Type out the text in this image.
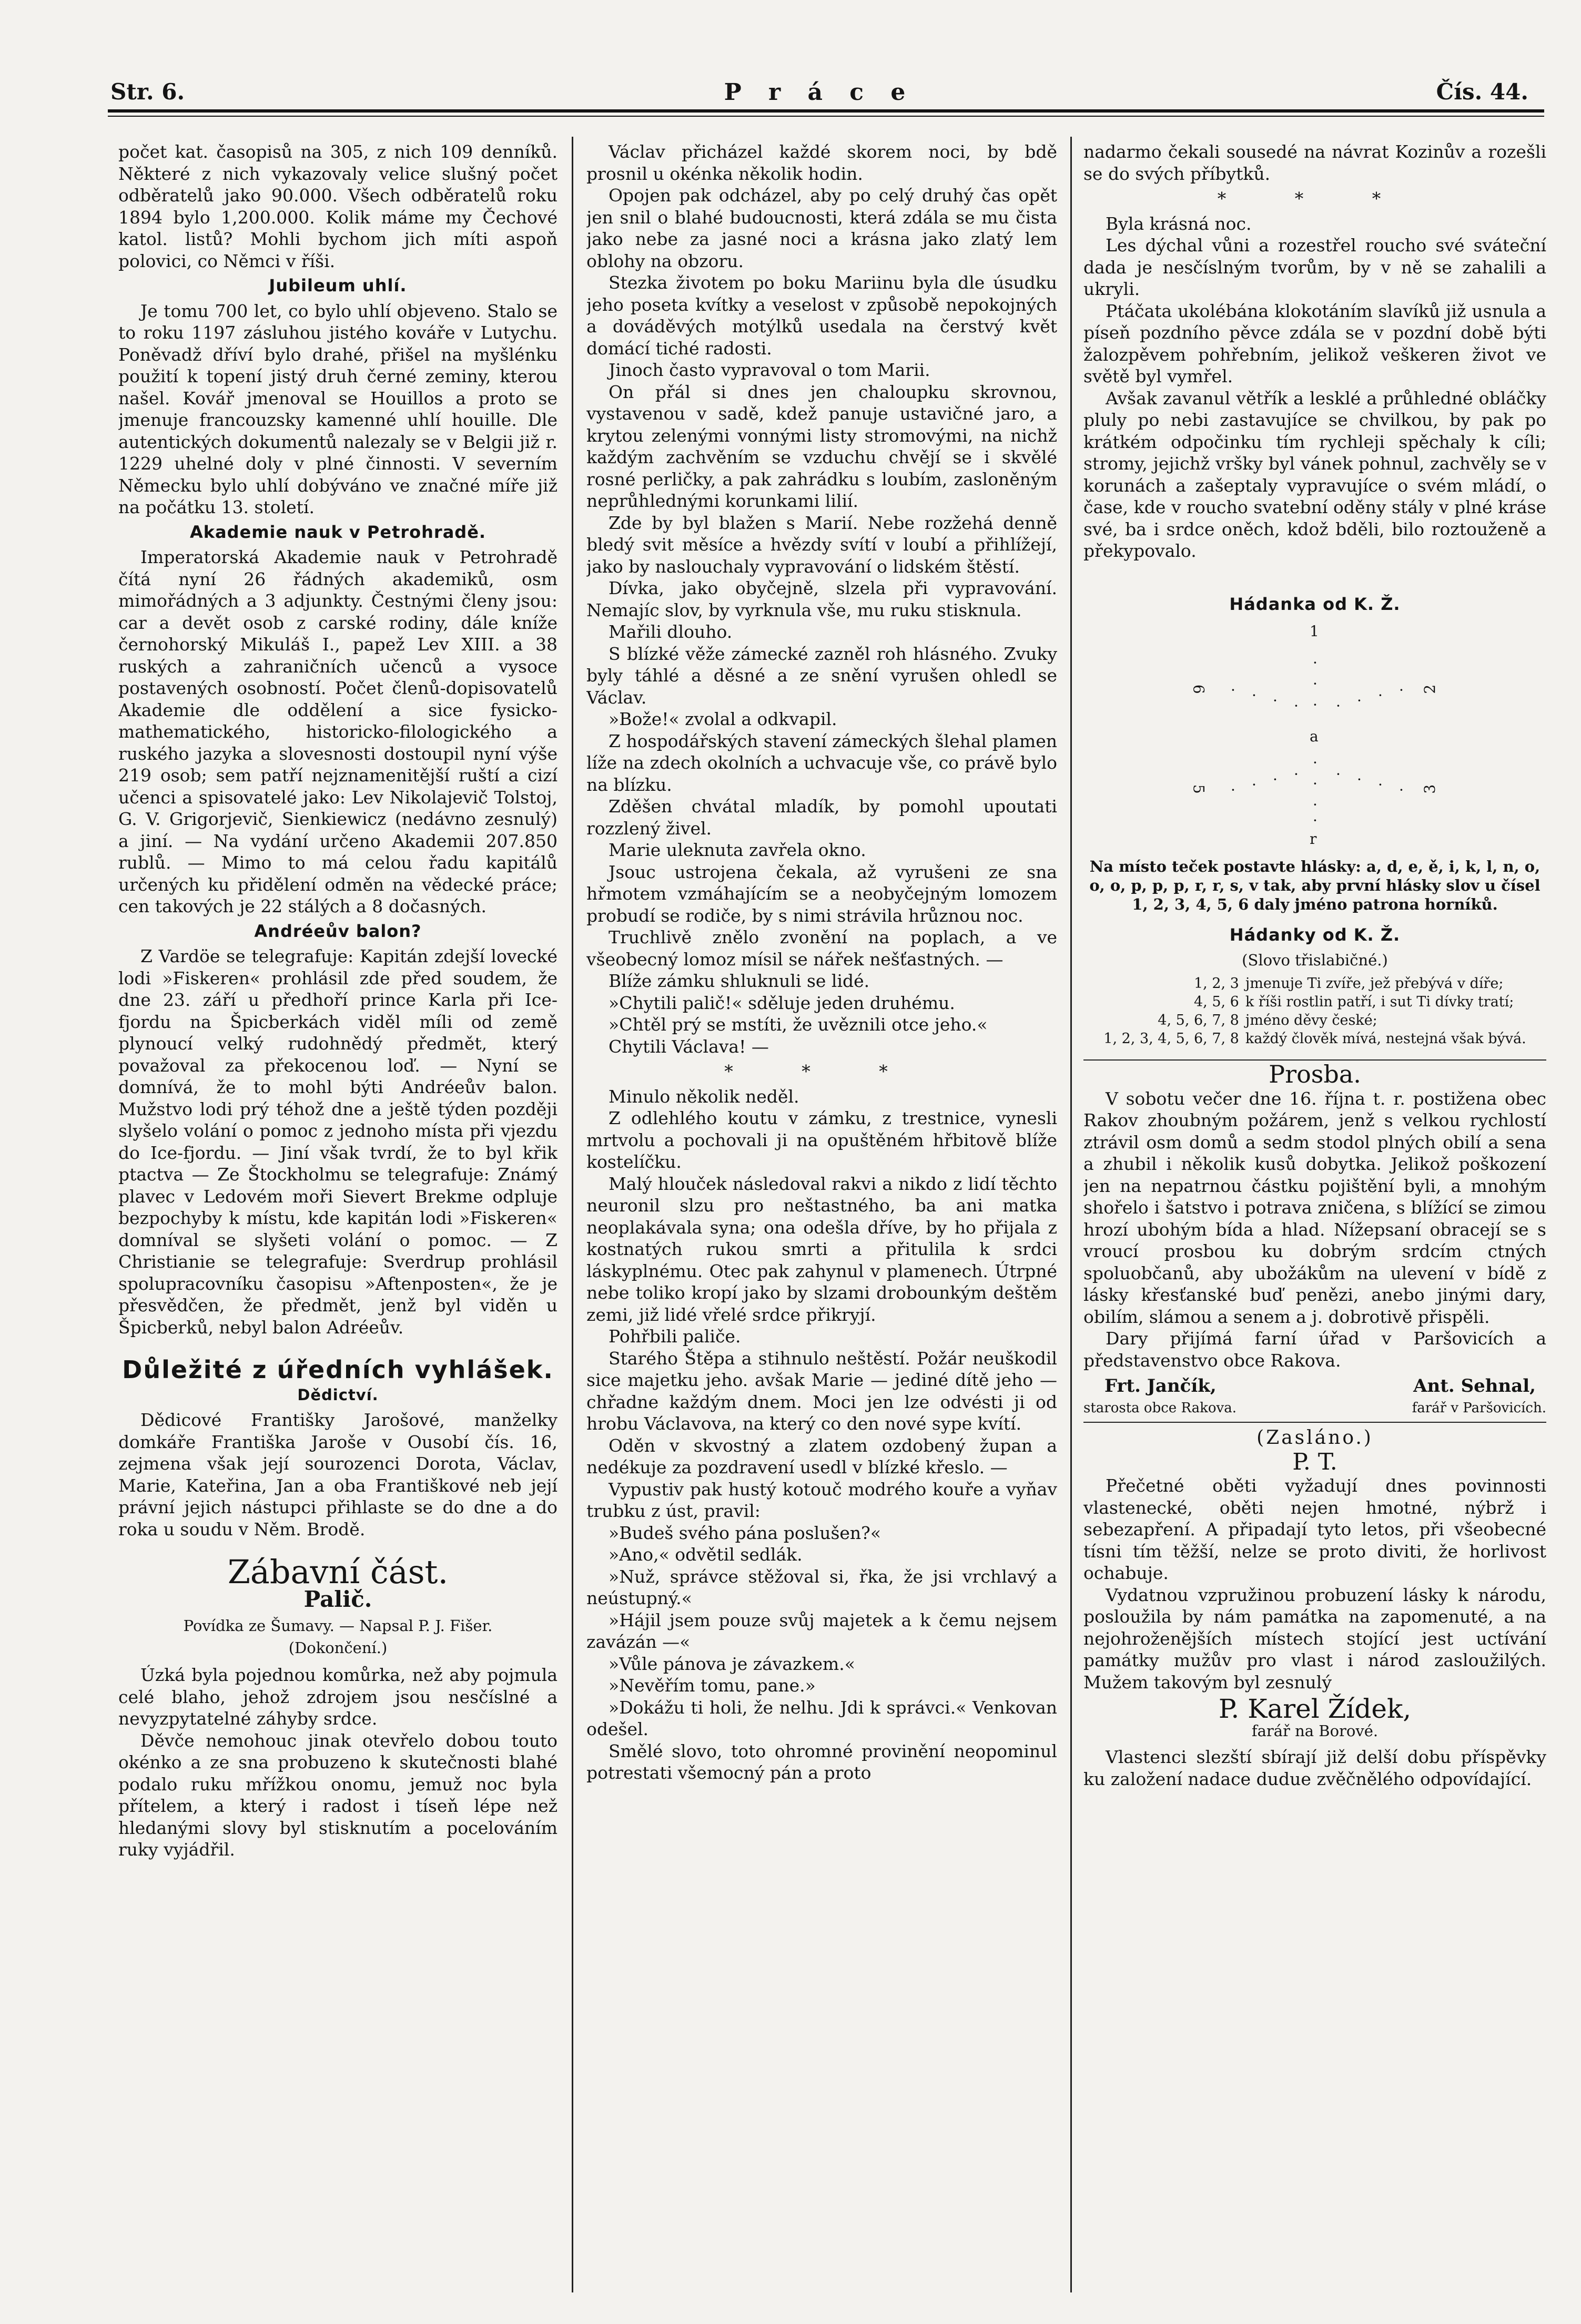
Str. 6.	P r á c e	Čís. 44.

počet kat. časopisů na 305, z nich 109 denníků. Některé z nich vykazovaly velice slušný počet odběratelů jako 90.000. Všech odběratelů roku 1894 bylo 1,200.000. Kolik máme my Čechové katol. listů? Mohli bychom jich míti aspoň polovici, co Němci v říši.

Jubileum uhlí.

Je tomu 700 let, co bylo uhlí objeveno. Stalo se to roku 1197 zásluhou jistého kováře v Lutychu. Poněvadž dříví bylo drahé, přišel na myšlénku použití k topení jistý druh černé zeminy, kterou našel. Kovář jmenoval se Houillos a proto se jmenuje francouzsky kamenné uhlí houille. Dle autentických dokumentů nalezaly se v Belgii již r. 1229 uhelné doly v plné činnosti. V severním Německu bylo uhlí dobýváno ve značné míře již na počátku 13. století.

Akademie nauk v Petrohradě.

Imperatorská Akademie nauk v Petrohradě čítá nyní 26 řádných akademiků, osm mimořádných a 3 adjunkty. Čestnými členy jsou: car a devět osob z carské rodiny, dále kníže černohorský Mikuláš I., papež Lev XIII. a 38 ruských a zahraničních učenců a vysoce postavených osobností. Počet členů-dopisovatelů Akademie dle oddělení a sice fysicko-mathematického, historicko-filologického a ruského jazyka a slovesnosti dostoupil nyní výše 219 osob; sem patří nejznamenitější ruští a cizí učenci a spisovatelé jako: Lev Nikolajevič Tolstoj, G. V. Grigorjevič, Sienkiewicz (nedávno zesnulý) a jiní. — Na vydání určeno Akademii 207.850 rublů. — Mimo to má celou řadu kapitálů určených ku přidělení odměn na vědecké práce; cen takových je 22 stálých a 8 dočasných.

Andréeův balon?

Z Vardöe se telegrafuje: Kapitán zdejší lovecké lodi »Fiskeren« prohlásil zde před soudem, že dne 23. září u předhoří prince Karla při Ice-fjordu na Špicberkách viděl míli od země plynoucí velký rudohnědý předmět, který považoval za překocenou loď. — Nyní se domnívá, že to mohl býti Andréeův balon. Mužstvo lodi prý téhož dne a ještě týden později slyšelo volání o pomoc z jednoho místa při vjezdu do Ice-fjordu. — Jiní však tvrdí, že to byl křik ptactva — Ze Štockholmu se telegrafuje: Známý plavec v Ledovém moři Sievert Brekme odpluje bezpochyby k místu, kde kapitán lodi »Fiskeren« domníval se slyšeti volání o pomoc. — Z Christianie se telegrafuje: Sverdrup prohlásil spolupracovníku časopisu »Aftenposten«, že je přesvědčen, že předmět, jenž byl viděn u Špicberků, nebyl balon Adréeův.

Důležité z úředních vyhlášek.
Dědictví.

Dědicové Františky Jarošové, manželky domkáře Františka Jaroše v Ousobí čís. 16, zejmena však její sourozenci Dorota, Václav, Marie, Kateřina, Jan a oba Františkové neb její právní jejich nástupci přihlaste se do dne a do roka u soudu v Něm. Brodě.

Zábavní část.
Palič.
Povídka ze Šumavy. — Napsal P. J. Fišer.
(Dokončení.)

Úzká byla pojednou komůrka, než aby pojmula celé blaho, jehož zdrojem jsou nesčíslné a nevyzpytatelné záhyby srdce.

Děvče nemohouc jinak otevřelo dobou touto okénko a ze sna probuzeno k skutečnosti blahé podalo ruku mřížkou onomu, jemuž noc byla přítelem, a který i radost i tíseň lépe než hledanými slovy byl stisknutím a pocelováním ruky vyjádřil.

Václav přicházel každé skorem noci, by bdě prosnil u okénka několik hodin.

Opojen pak odcházel, aby po celý druhý čas opět jen snil o blahé budoucnosti, která zdála se mu čista jako nebe za jasné noci a krásna jako zlatý lem oblohy na obzoru.

Stezka životem po boku Mariinu byla dle úsudku jeho poseta kvítky a veselost v způsobě nepokojných a dováděvých motýlků usedala na čerstvý květ domácí tiché radosti.

Jinoch často vypravoval o tom Marii.

On přál si dnes jen chaloupku skrovnou, vystavenou v sadě, kdež panuje ustavičné jaro, a krytou zelenými vonnými listy stromovými, na nichž každým zachvěním se vzduchu chvějí se i skvělé rosné perličky, a pak zahrádku s loubím, zasloněným neprůhlednými korunkami lilií.

Zde by byl blažen s Marií. Nebe rozžehá denně bledý svit měsíce a hvězdy svítí v loubí a přihlížejí, jako by naslouchaly vypravování o lidském štěstí.

Dívka, jako obyčejně, slzela při vypravování. Nemajíc slov, by vyrknula vše, mu ruku stisknula.

Mařili dlouho.

S blízké věže zámecké zazněl roh hlásného. Zvuky byly táhlé a děsné a ze snění vyrušen ohledl se Václav.

»Bože!« zvolal a odkvapil.

Z hospodářských stavení zámeckých šlehal plamen líže na zdech okolních a uchvacuje vše, co právě bylo na blízku.

Zděšen chvátal mladík, by pomohl upoutati rozzlený živel.

Marie uleknuta zavřela okno.

Jsouc ustrojena čekala, až vyrušeni ze sna hřmotem vzmáhajícím se a neobyčejným lomozem probudí se rodiče, by s nimi strávila hrůznou noc.

Truchlivě znělo zvonění na poplach, a ve všeobecný lomoz mísil se nářek nešťastných. —

Blíže zámku shluknuli se lidé.

»Chytili palič!« sděluje jeden druhému.

»Chtěl prý se mstíti, že uvěznili otce jeho.«

Chytili Václava! —

* * *

Minulo několik neděl.

Z odlehlého koutu v zámku, z trestnice, vynesli mrtvolu a pochovali ji na opuštěném hřbitově blíže kostelíčku.

Malý hlouček následoval rakvi a nikdo z lidí těchto neuronil slzu pro neštastného, ba ani matka neoplakávala syna; ona odešla dříve, by ho přijala z kostnatých rukou smrti a přitulila k srdci láskyplnému. Otec pak zahynul v plamenech. Útrpné nebe toliko kropí jako by slzami drobounkým deštěm zemi, již lidé vřelé srdce přikryjí.

Pohřbili paliče.

Starého Štěpa a stihnulo neštěstí. Požár neuškodil sice majetku jeho. avšak Marie — jediné dítě jeho — chřadne každým dnem. Moci jen lze odvésti ji od hrobu Václavova, na který co den nové sype kvítí.

Oděn v skvostný a zlatem ozdobený župan a nedékuje za pozdravení usedl v blízké křeslo. —

Vypustiv pak hustý kotouč modrého kouře a vyňav trubku z úst, pravil:

»Budeš svého pána poslušen?«

»Ano,« odvětil sedlák.

»Nuž, správce stěžoval si, řka, že jsi vrchlavý a neústupný.«

»Hájil jsem pouze svůj majetek a k čemu nejsem zavázán —«

»Vůle pánova je závazkem.«

»Nevěřím tomu, pane.»

»Dokážu ti holi, že nelhu. Jdi k správci.« Venkovan odešel.

Smělé slovo, toto ohromné provinění neopominul potrestati všemocný pán a proto

nadarmo čekali sousedé na návrat Kozinův a rozešli se do svých příbytků.

* * *

Byla krásná noc.

Les dýchal vůni a rozestřel roucho své sváteční dada je nesčíslným tvorům, by v ně se zahalili a ukryli.

Ptáčata ukolébána klokotáním slavíků již usnula a píseň pozdního pěvce zdála se v pozdní době býti žalozpěvem pohřebním, jelikož veškeren život ve světě byl vymřel.

Avšak zavanul větřík a lesklé a průhledné obláčky pluly po nebi zastavujíce se chvilkou, by pak po krátkém odpočinku tím rychleji spěchaly k cíli; stromy, jejichž vršky byl vánek pohnul, zachvěly se v korunách a zašeptaly vypravujíce o svém mládí, o čase, kde v roucho svatební oděny stály v plné kráse své, ba i srdce oněch, kdož bděli, bilo roztouženě a překypovalo.

Hádanka od K. Ž.
1
6	2
5	3
a
r
·
·
·
·
·
·
·
· · · ·
·
·
·
·
· · · ·
·
·
·
·

Na místo teček postavte hlásky: a, d, e, ě, i, k, l, n, o, o, o, p, p, p, r, r, s, v tak, aby první hlásky slov u čísel 1, 2, 3, 4, 5, 6 daly jméno patrona horníků.

Hádanky od K. Ž.
(Slovo třislabičné.)
1, 2, 3	jmenuje Ti zvíře, jež přebývá v díře;
4, 5, 6	k říši rostlin patří, i sut Ti dívky tratí;
4, 5, 6, 7, 8	jméno děvy české;
1, 2, 3, 4, 5, 6, 7, 8	každý člověk mívá, nestejná však bývá.
Prosba.

V sobotu večer dne 16. října t. r. postižena obec Rakov zhoubným požárem, jenž s velkou rychlostí ztrávil osm domů a sedm stodol plných obilí a sena a zhubil i několik kusů dobytka. Jelikož poškození jen na nepatrnou částku pojištění byli, a mnohým shořelo i šatstvo i potrava zničena, s blížící se zimou hrozí ubohým bída a hlad. Nížepsaní obracejí se s vroucí prosbou ku dobrým srdcím ctných spoluobčanů, aby ubožákům na ulevení v bídě z lásky křesťanské buď penězi, anebo jinými dary, obilím, slámou a senem a j. dobrotivě přispěli.

Dary přijímá farní úřad v Paršovicích a představenstvo obce Rakova.

Frt. Jančík,
starosta obce Rakova.
Ant. Sehnal,
farář v Paršovicích.
(Zasláno.)
P. T.

Přečetné oběti vyžadují dnes povinnosti vlastenecké, oběti nejen hmotné, nýbrž i sebezapření. A připadají tyto letos, při všeobecné tísni tím těžší, nelze se proto diviti, že horlivost ochabuje.

Vydatnou vzpružinou probuzení lásky k národu, posloužila by nám památka na zapomenuté, a na nejohroženějších místech stojící jest uctívání památky mužův pro vlast i národ zasloužilých. Mužem takovým byl zesnulý

P. Karel Žídek,
farář na Borové.

Vlastenci slezští sbírají již delší dobu příspěvky ku založení nadace dudue zvěčnělého odpovídající.
